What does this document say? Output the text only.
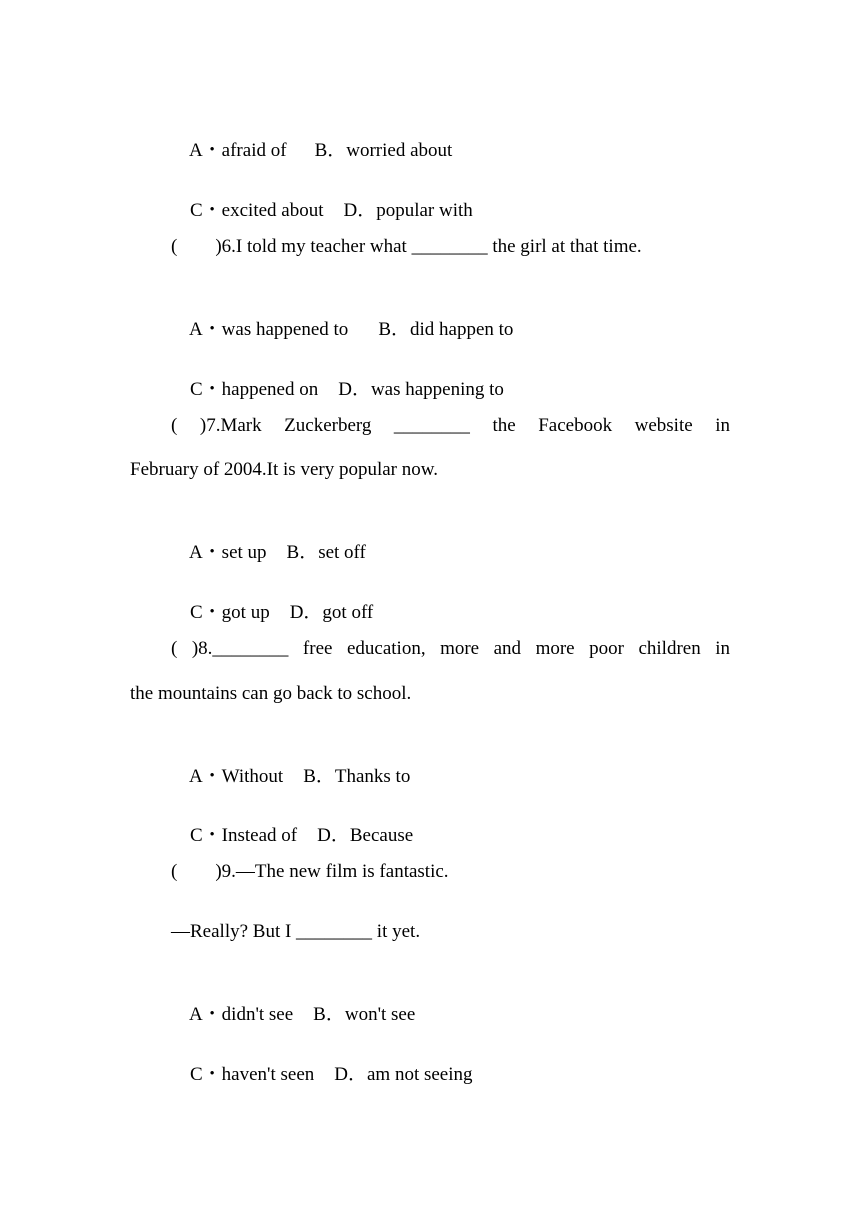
A・afraid of B．worried about

C・excited about D．popular with

(        )6.I told my teacher what ________ the girl at that time.

A・was happened to B．did happen to

C・happened on D．was happening to

( )7.Mark Zuckerberg ________ the Facebook website in
February of 2004.It is very popular now.

A・set up B．set off

C・got up D．got off

( )8.________ free education, more and more poor children in
the mountains can go back to school.

A・Without B．Thanks to

C・Instead of D．Because

(        )9.—The new film is fantastic.
—Really? But I ________ it yet.

A・didn't see B．won't see

C・haven't seen D．am not seeing
